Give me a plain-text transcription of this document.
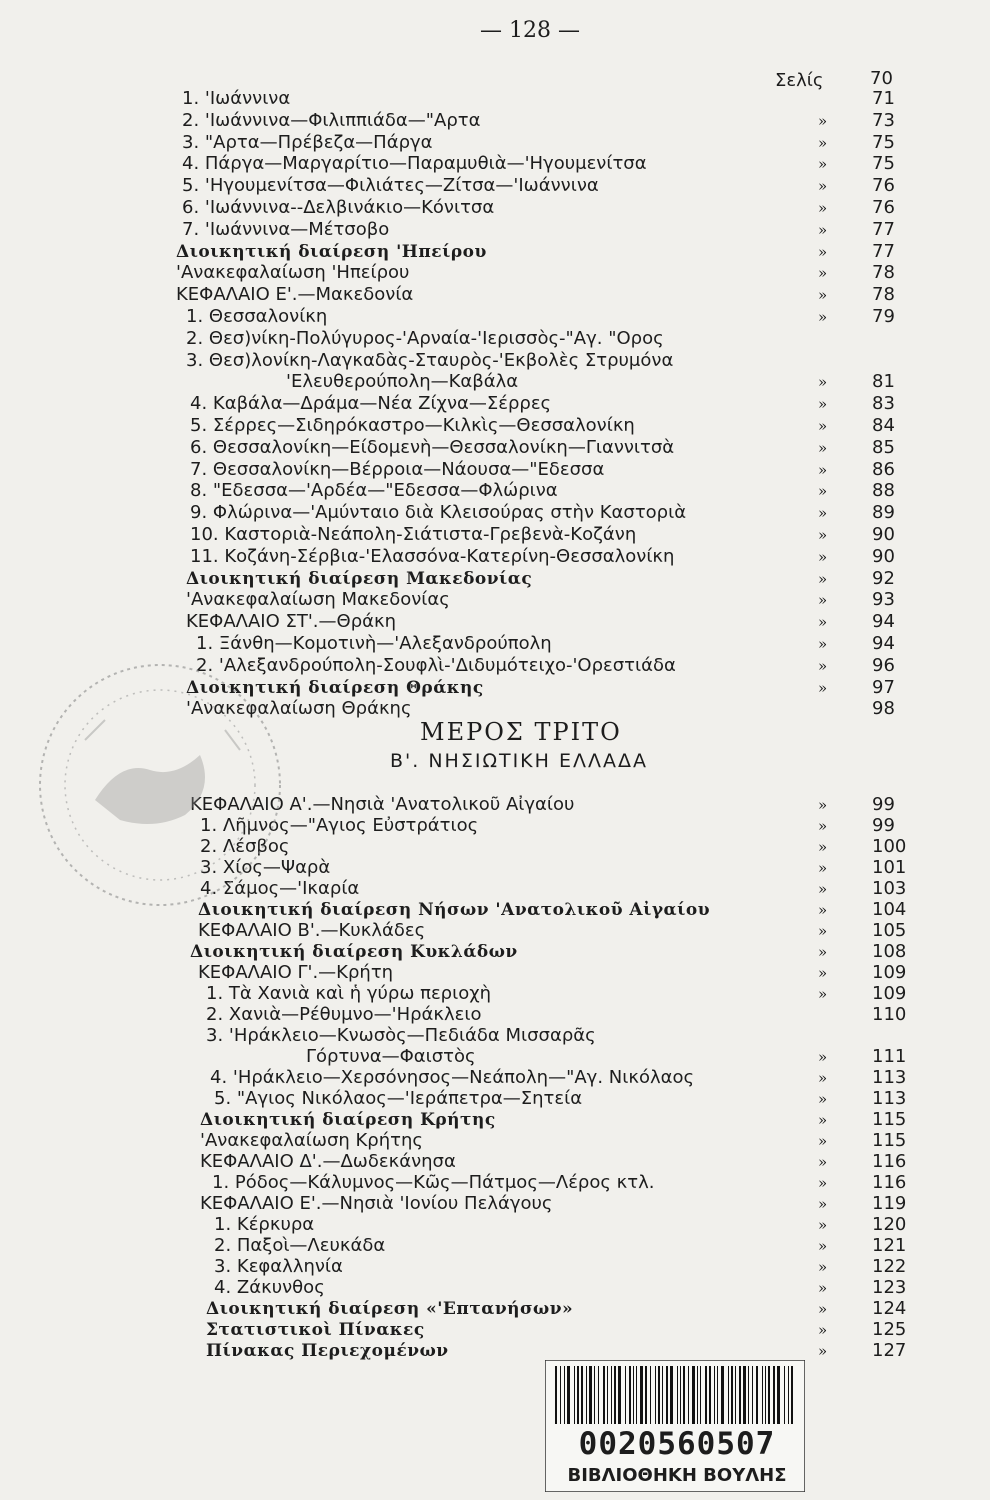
— 128 —
Σελίς	70
1. 'Ιωάννινα	71
2. 'Ιωάννινα—Φιλιππιάδα—"Αρτα	» 73
3. "Αρτα—Πρέβεζα—Πάργα	» 75
4. Πάργα—Μαργαρίτιο—Παραμυθιὰ—'Ηγουμενίτσα	» 75
5. 'Ηγουμενίτσα—Φιλιάτες—Ζίτσα—'Ιωάννινα	» 76
6. 'Ιωάννινα--Δελβινάκιο—Κόνιτσα	» 76
7. 'Ιωάννινα—Μέτσοβο	» 77
Διοικητική διαίρεση 'Ηπείρου	» 77
'Ανακεφαλαίωση 'Ηπείρου	» 78
ΚΕΦΑΛΑΙΟ Ε'.—Μακεδονία	» 78
1. Θεσσαλονίκη	» 79
2. Θεσ)νίκη-Πολύγυρος-'Αρναία-'Ιερισσὸς-"Αγ. "Ορος
3. Θεσ)λονίκη-Λαγκαδὰς-Σταυρὸς-'Εκβολὲς Στρυμόνα
'Ελευθερούπολη—Καβάλα	» 81
4. Καβάλα—Δράμα—Νέα Ζίχνα—Σέρρες	» 83
5. Σέρρες—Σιδηρόκαστρο—Κιλκὶς—Θεσσαλονίκη	» 84
6. Θεσσαλονίκη—Είδομενὴ—Θεσσαλονίκη—Γιαννιτσὰ	» 85
7. Θεσσαλονίκη—Βέρροια—Νάουσα—"Εδεσσα	» 86
8. "Εδεσσα—'Αρδέα—"Εδεσσα—Φλώρινα	» 88
9. Φλώρινα—'Αμύνταιο διὰ Κλεισούρας στὴν Καστοριὰ	» 89
10. Καστοριὰ-Νεάπολη-Σιάτιστα-Γρεβενὰ-Κοζάνη	» 90
11. Κοζάνη-Σέρβια-'Ελασσόνα-Κατερίνη-Θεσσαλονίκη	» 90
Διοικητική διαίρεση Μακεδονίας	» 92
'Ανακεφαλαίωση Μακεδονίας	» 93
ΚΕΦΑΛΑΙΟ ΣΤ'.—Θράκη	» 94
1. Ξάνθη—Κομοτινὴ—'Αλεξανδρούπολη	» 94
2. 'Αλεξανδρούπολη-Σουφλὶ-'Διδυμότειχο-'Ορεστιάδα	» 96
Διοικητική διαίρεση Θράκης	» 97
'Ανακεφαλαίωση Θράκης	98
ΜΕΡΟΣ ΤΡΙΤΟ
Β'. ΝΗΣΙΩΤΙΚΗ ΕΛΛΑΔΑ
ΚΕΦΑΛΑΙΟ Α'.—Νησιὰ 'Ανατολικοῦ Αἰγαίου	» 99
1. Λῆμνος—"Αγιος Εὐστράτιος	» 99
2. Λέσβος	» 100
3. Χίος—Ψαρὰ	» 101
4. Σάμος—'Ικαρία	» 103
Διοικητική διαίρεση Νήσων 'Ανατολικοῦ Αἰγαίου	» 104
ΚΕΦΑΛΑΙΟ Β'.—Κυκλάδες	» 105
Διοικητική διαίρεση Κυκλάδων	» 108
ΚΕΦΑΛΑΙΟ Γ'.—Κρήτη	» 109
1. Τὰ Χανιὰ καὶ ἡ γύρω περιοχὴ	» 109
2. Χανιὰ—Ρέθυμνο—'Ηράκλειο	110
3. 'Ηράκλειο—Κνωσὸς—Πεδιάδα Μισσαρᾶς
Γόρτυνα—Φαιστὸς	» 111
4. 'Ηράκλειο—Χερσόνησος—Νεάπολη—"Αγ. Νικόλαος	» 113
5. "Αγιος Νικόλαος—'Ιεράπετρα—Σητεία	» 113
Διοικητική διαίρεση Κρήτης	» 115
'Ανακεφαλαίωση Κρήτης	» 115
ΚΕΦΑΛΑΙΟ Δ'.—Δωδεκάνησα	» 116
1. Ρόδος—Κάλυμνος—Κῶς—Πάτμος—Λέρος κτλ.	» 116
ΚΕΦΑΛΑΙΟ Ε'.—Νησιὰ 'Ιονίου Πελάγους	» 119
1. Κέρκυρα	» 120
2. Παξοὶ—Λευκάδα	» 121
3. Κεφαλληνία	» 122
4. Ζάκυνθος	» 123
Διοικητική διαίρεση «'Επτανήσων»	» 124
Στατιστικοὶ Πίνακες	» 125
Πίνακας Περιεχομένων	» 127
0020560507
ΒΙΒΛΙΟΘΗΚΗ ΒΟΥΛΗΣ
